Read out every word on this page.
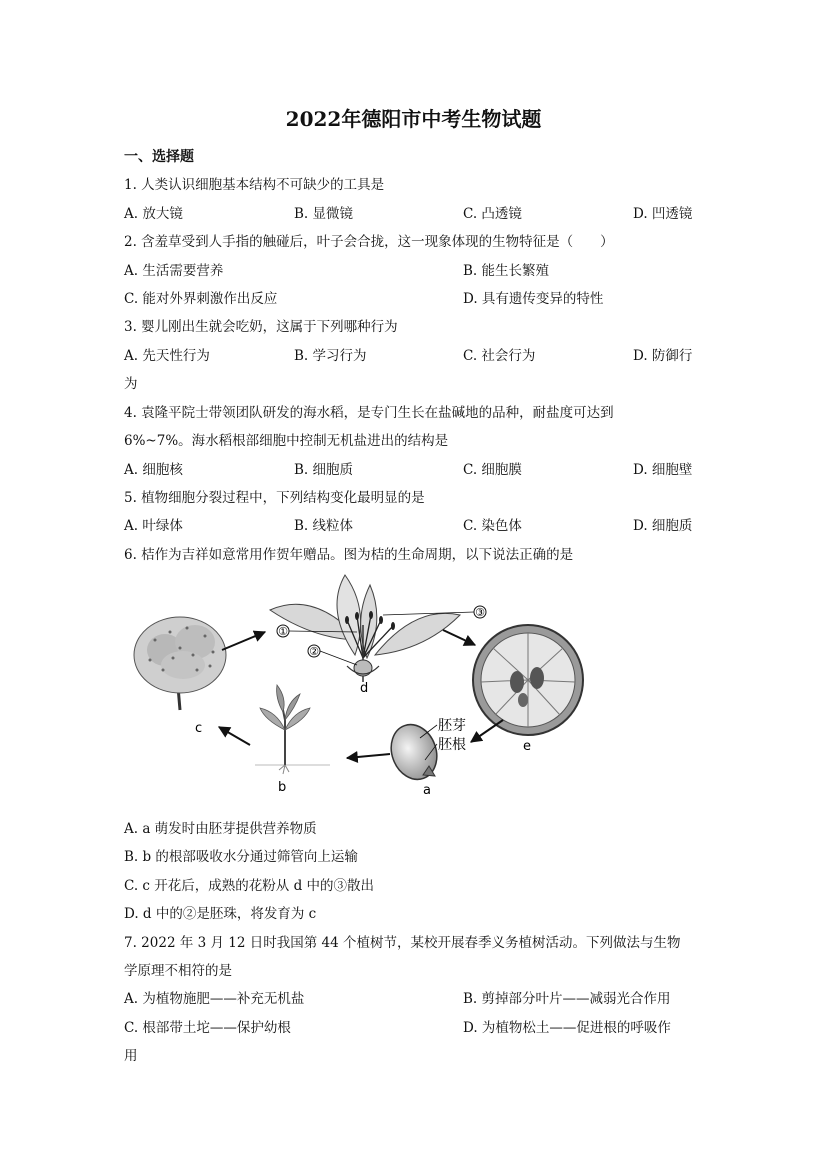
2022年德阳市中考生物试题
一、选择题
1. 人类认识细胞基本结构不可缺少的工具是
A. 放大镜	B. 显微镜	C. 凸透镜	D. 凹透镜
2. 含羞草受到人手指的触碰后，叶子会合拢，这一现象体现的生物特征是（　　）
A. 生活需要营养	B. 能生长繁殖
C. 能对外界刺激作出反应	D. 具有遗传变异的特性
3. 婴儿刚出生就会吃奶，这属于下列哪种行为
A. 先天性行为	B. 学习行为	C. 社会行为	D. 防御行
为
4. 袁隆平院士带领团队研发的海水稻，是专门生长在盐碱地的品种，耐盐度可达到
6%~7%。海水稻根部细胞中控制无机盐进出的结构是
A. 细胞核	B. 细胞质	C. 细胞膜	D. 细胞壁
5. 植物细胞分裂过程中，下列结构变化最明显的是
A. 叶绿体	B. 线粒体	C. 染色体	D. 细胞质
6. 桔作为吉祥如意常用作贺年赠品。图为桔的生命周期，以下说法正确的是
c
①
②
③
d
e
胚芽
胚根
a
b
A. a 萌发时由胚芽提供营养物质
B. b 的根部吸收水分通过筛管向上运输
C. c 开花后，成熟的花粉从 d 中的③散出
D. d 中的②是胚珠，将发育为 c
7. 2022 年 3 月 12 日时我国第 44 个植树节，某校开展春季义务植树活动。下列做法与生物
学原理不相符的是
A. 为植物施肥——补充无机盐	B. 剪掉部分叶片——减弱光合作用
C. 根部带土坨——保护幼根	D. 为植物松土——促进根的呼吸作
用
